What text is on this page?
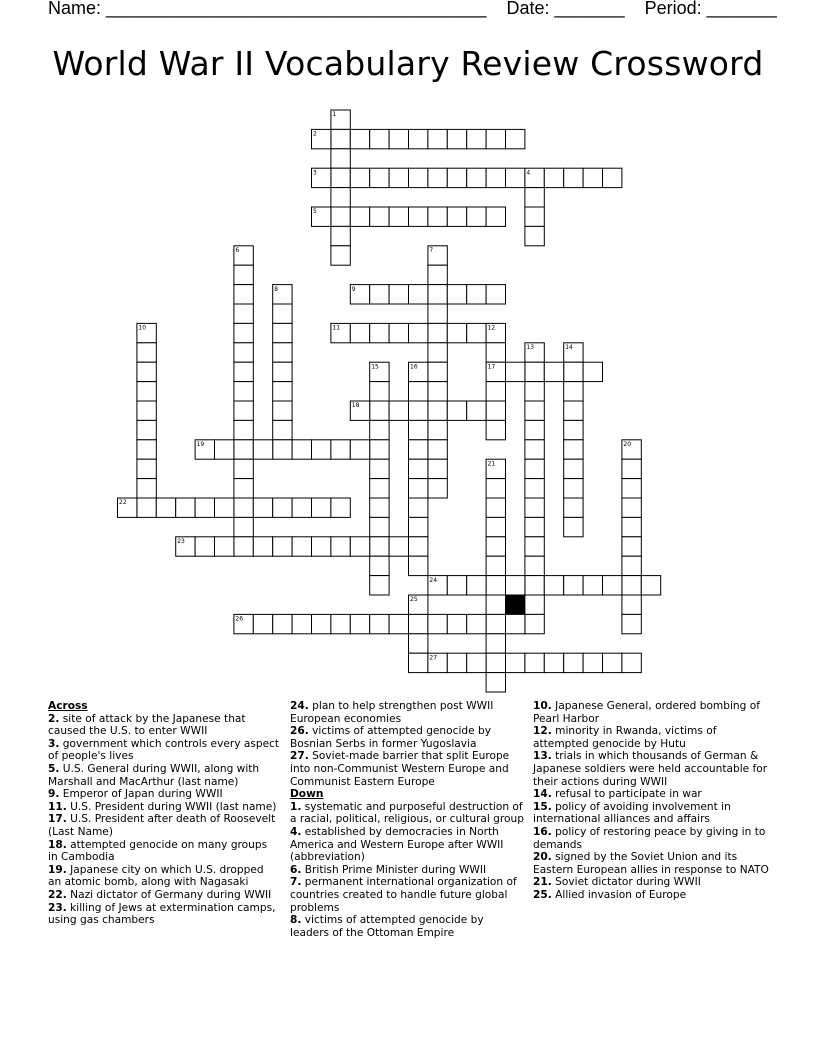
Name: ______________________________________ Date: _______ Period: _______
World War II Vocabulary Review Crossword
1
2
3	4
5
6	7
8	9
10	11	12
13	14
15	16	17
18
19	20
21
22
23
24
25
26
27
Across
2. site of attack by the Japanese that caused the U.S. to enter WWII
3. government which controls every aspect of people's lives
5. U.S. General during WWII, along with Marshall and MacArthur (last name)
9. Emperor of Japan during WWII
11. U.S. President during WWII (last name)
17. U.S. President after death of Roosevelt (Last Name)
18. attempted genocide on many groups in Cambodia
19. Japanese city on which U.S. dropped an atomic bomb, along with Nagasaki
22. Nazi dictator of Germany during WWII
23. killing of Jews at extermination camps, using gas chambers
24. plan to help strengthen post WWII European economies
26. victims of attempted genocide by Bosnian Serbs in former Yugoslavia
27. Soviet-made barrier that split Europe into non-Communist Western Europe and Communist Eastern Europe
Down
1. systematic and purposeful destruction of a racial, political, religious, or cultural group
4. established by democracies in North America and Western Europe after WWII (abbreviation)
6. British Prime Minister during WWII
7. permanent international organization of countries created to handle future global problems
8. victims of attempted genocide by leaders of the Ottoman Empire
10. Japanese General, ordered bombing of Pearl Harbor
12. minority in Rwanda, victims of attempted genocide by Hutu
13. trials in which thousands of German & Japanese soldiers were held accountable for their actions during WWII
14. refusal to participate in war
15. policy of avoiding involvement in international alliances and affairs
16. policy of restoring peace by giving in to demands
20. signed by the Soviet Union and its Eastern European allies in response to NATO
21. Soviet dictator during WWII
25. Allied invasion of Europe
